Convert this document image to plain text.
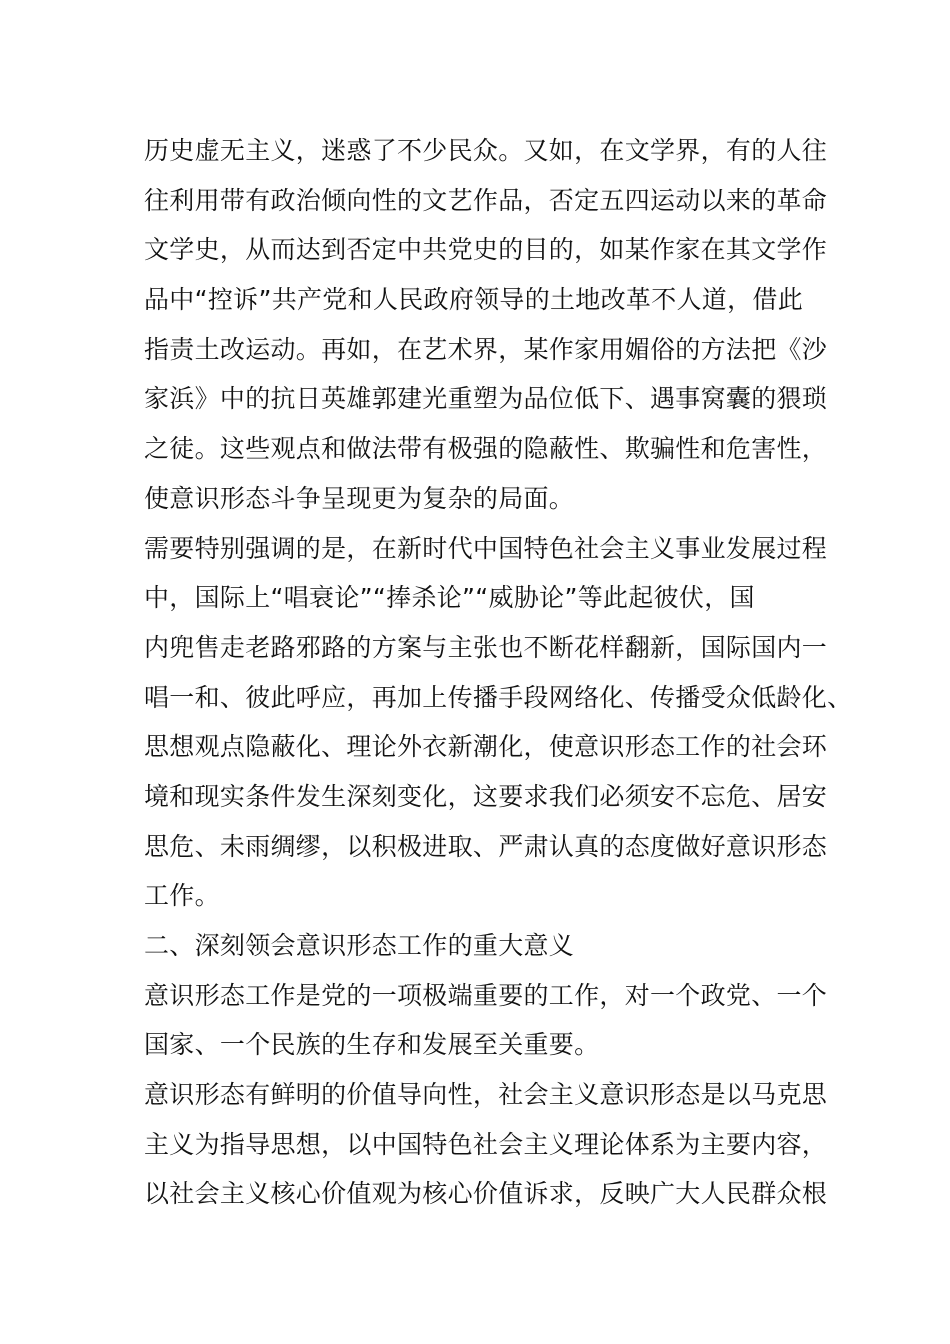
历史虚无主义，迷惑了不少民众。又如，在文学界，有的人往
往利用带有政治倾向性的文艺作品，否定五四运动以来的革命
文学史，从而达到否定中共党史的目的，如某作家在其文学作
品中“控诉”共产党和人民政府领导的土地改革不人道，借此
指责土改运动。再如，在艺术界，某作家用媚俗的方法把《沙
家浜》中的抗日英雄郭建光重塑为品位低下、遇事窝囊的猥琐
之徒。这些观点和做法带有极强的隐蔽性、欺骗性和危害性，
使意识形态斗争呈现更为复杂的局面。
需要特别强调的是，在新时代中国特色社会主义事业发展过程
中，国际上“唱衰论”“捧杀论”“威胁论”等此起彼伏，国
内兜售走老路邪路的方案与主张也不断花样翻新，国际国内一
唱一和、彼此呼应，再加上传播手段网络化、传播受众低龄化、
思想观点隐蔽化、理论外衣新潮化，使意识形态工作的社会环
境和现实条件发生深刻变化，这要求我们必须安不忘危、居安
思危、未雨绸缪，以积极进取、严肃认真的态度做好意识形态
工作。
二、深刻领会意识形态工作的重大意义
意识形态工作是党的一项极端重要的工作，对一个政党、一个
国家、一个民族的生存和发展至关重要。
意识形态有鲜明的价值导向性，社会主义意识形态是以马克思
主义为指导思想，以中国特色社会主义理论体系为主要内容，
以社会主义核心价值观为核心价值诉求，反映广大人民群众根
